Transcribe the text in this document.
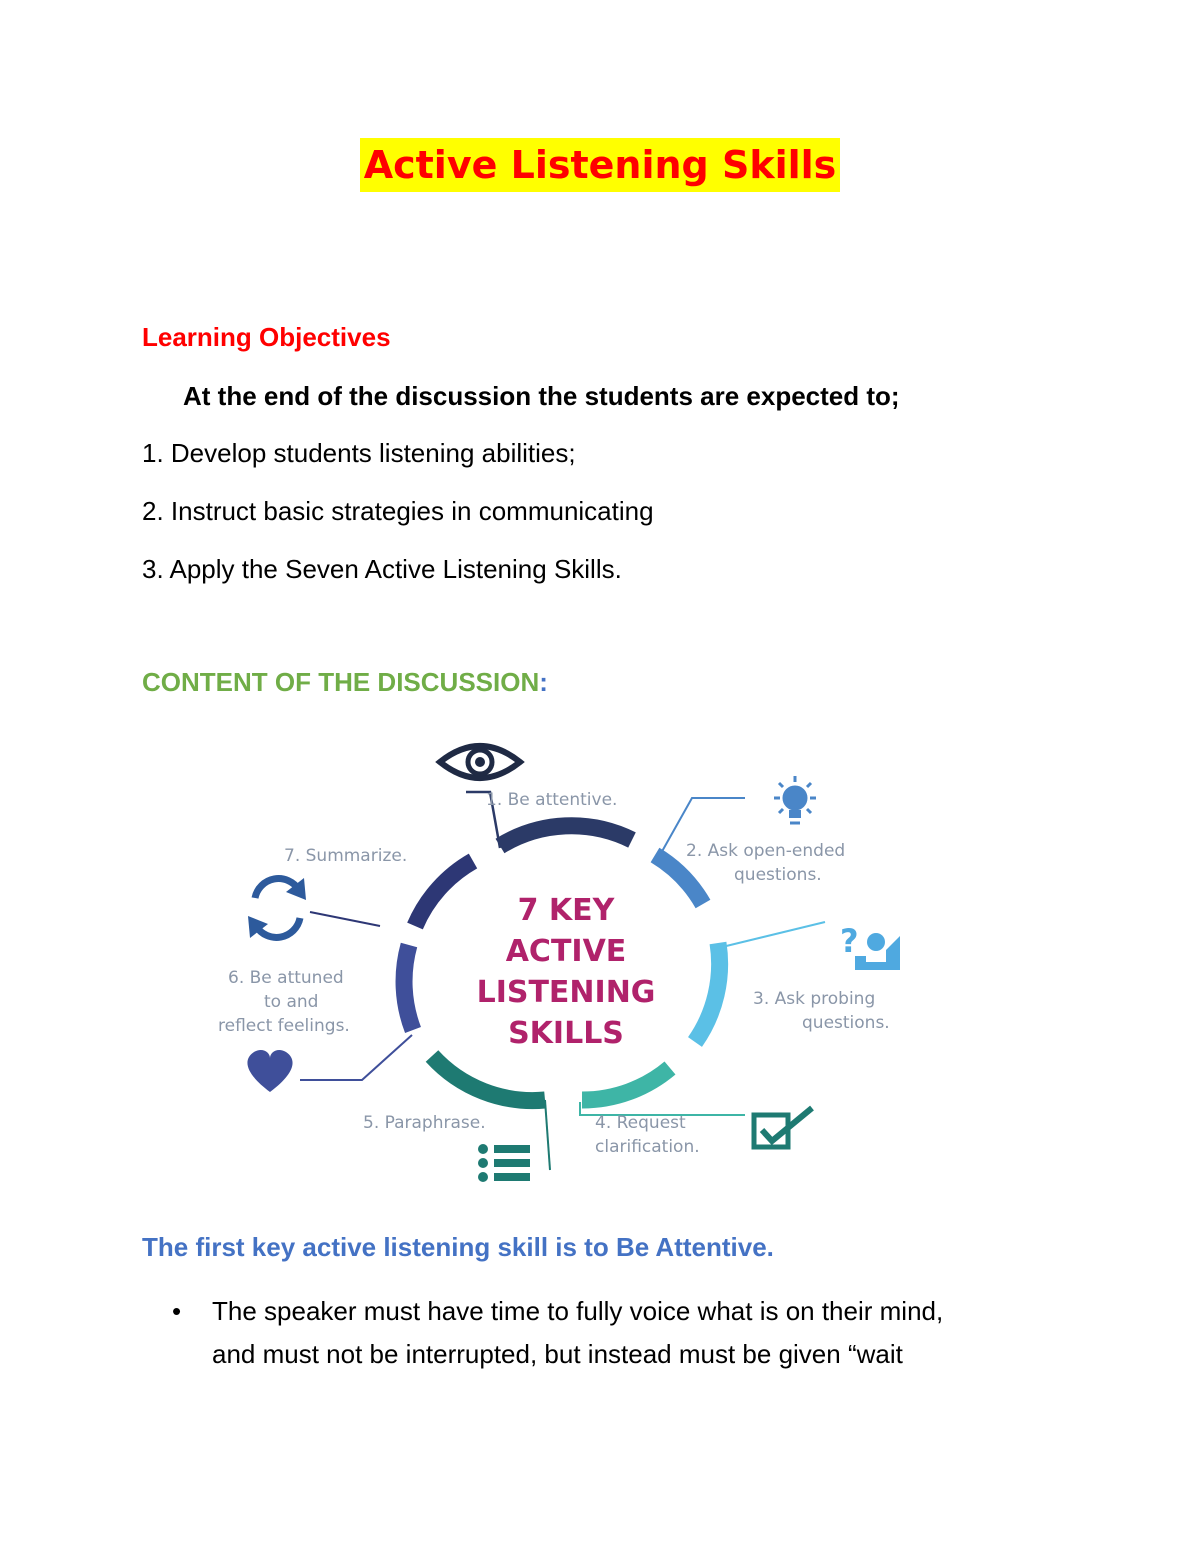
Active Listening Skills
Learning Objectives
At the end of the discussion the students are expected to;
1. Develop students listening abilities;
2. Instruct basic strategies in communicating
3. Apply the Seven Active Listening Skills.
CONTENT OF THE DISCUSSION:
7 KEY
ACTIVE
LISTENING
SKILLS
1. Be attentive.
2. Ask open-ended
questions.
3. Ask probing
questions.
4. Request
clarification.
5. Paraphrase.
6. Be attuned
to and
reflect feelings.
7. Summarize.
?
The first key active listening skill is to Be Attentive.
• The speaker must have time to fully voice what is on their mind,
and must not be interrupted, but instead must be given “wait
